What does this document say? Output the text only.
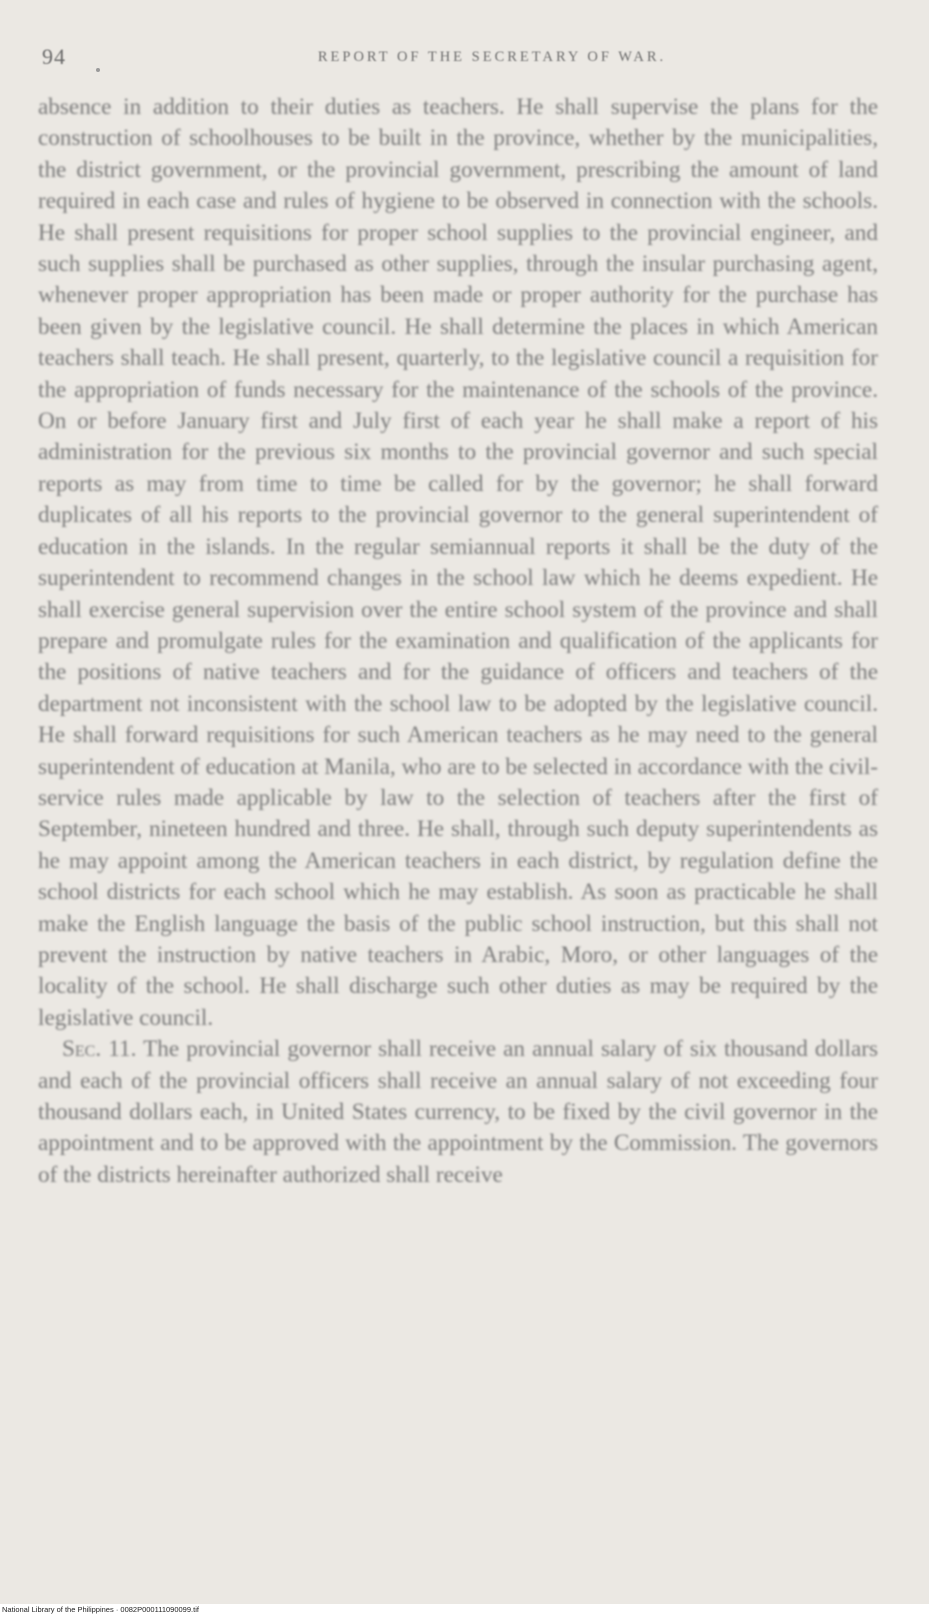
94	REPORT OF THE SECRETARY OF WAR.

absence in addition to their duties as teachers. He shall supervise the plans for the construction of schoolhouses to be built in the province, whether by the municipalities, the district government, or the provincial government, prescribing the amount of land required in each case and rules of hygiene to be observed in connection with the schools. He shall present requisitions for proper school supplies to the provincial engineer, and such supplies shall be purchased as other supplies, through the insular purchasing agent, whenever proper appropriation has been made or proper authority for the purchase has been given by the legislative council. He shall determine the places in which American teachers shall teach. He shall present, quarterly, to the legislative council a requisition for the appropriation of funds necessary for the maintenance of the schools of the province. On or before January first and July first of each year he shall make a report of his administration for the previous six months to the provincial governor and such special reports as may from time to time be called for by the governor; he shall forward duplicates of all his reports to the provincial governor to the general superintendent of education in the islands. In the regular semiannual reports it shall be the duty of the superintendent to recommend changes in the school law which he deems expedient. He shall exercise general supervision over the entire school system of the province and shall prepare and promulgate rules for the examination and qualification of the applicants for the positions of native teachers and for the guidance of officers and teachers of the department not inconsistent with the school law to be adopted by the legislative council. He shall forward requisitions for such American teachers as he may need to the general superintendent of education at Manila, who are to be selected in accordance with the civil-service rules made applicable by law to the selection of teachers after the first of September, nineteen hundred and three. He shall, through such deputy superintendents as he may appoint among the American teachers in each district, by regulation define the school districts for each school which he may establish. As soon as practicable he shall make the English language the basis of the public school instruction, but this shall not prevent the instruction by native teachers in Arabic, Moro, or other languages of the locality of the school. He shall discharge such other duties as may be required by the legislative council.

Sec. 11. The provincial governor shall receive an annual salary of six thousand dollars and each of the provincial officers shall receive an annual salary of not exceeding four thousand dollars each, in United States currency, to be fixed by the civil governor in the appointment and to be approved with the appointment by the Commission. The governors of the districts hereinafter authorized shall receive

National Library of the Philippines · 0082P000111090099.tif
